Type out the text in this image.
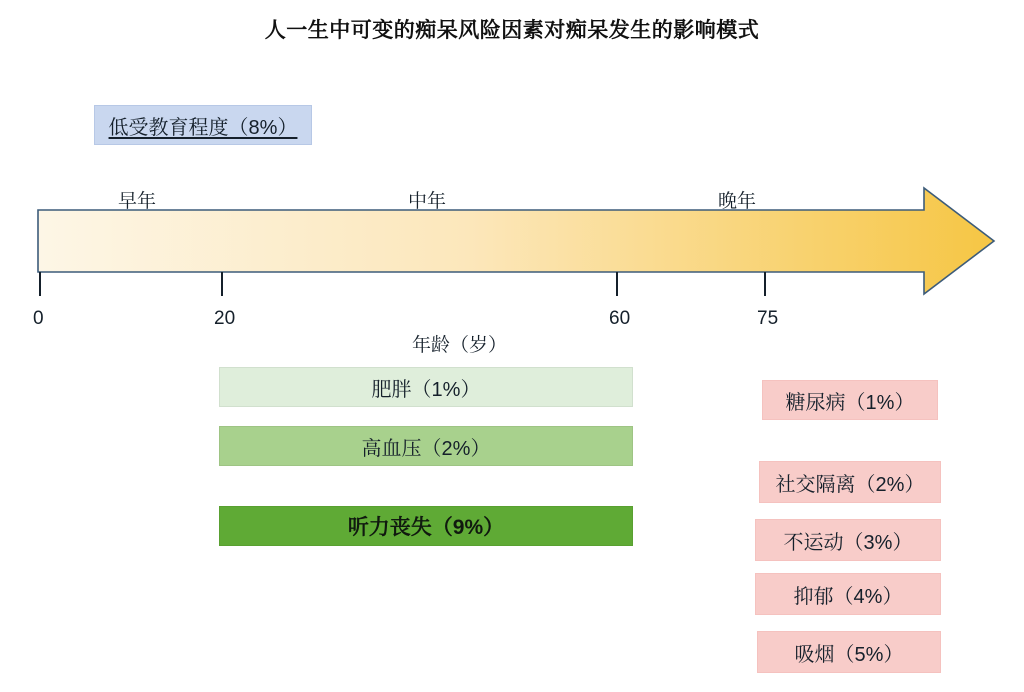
人一生中可变的痴呆风险因素对痴呆发生的影响模式
低受教育程度（8%）
早年	中年	晚年
0	20	60	75
年龄（岁）
肥胖（1%）
高血压（2%）
听力丧失（9%）
糖尿病（1%）
社交隔离（2%）
不运动（3%）
抑郁（4%）
吸烟（5%）
